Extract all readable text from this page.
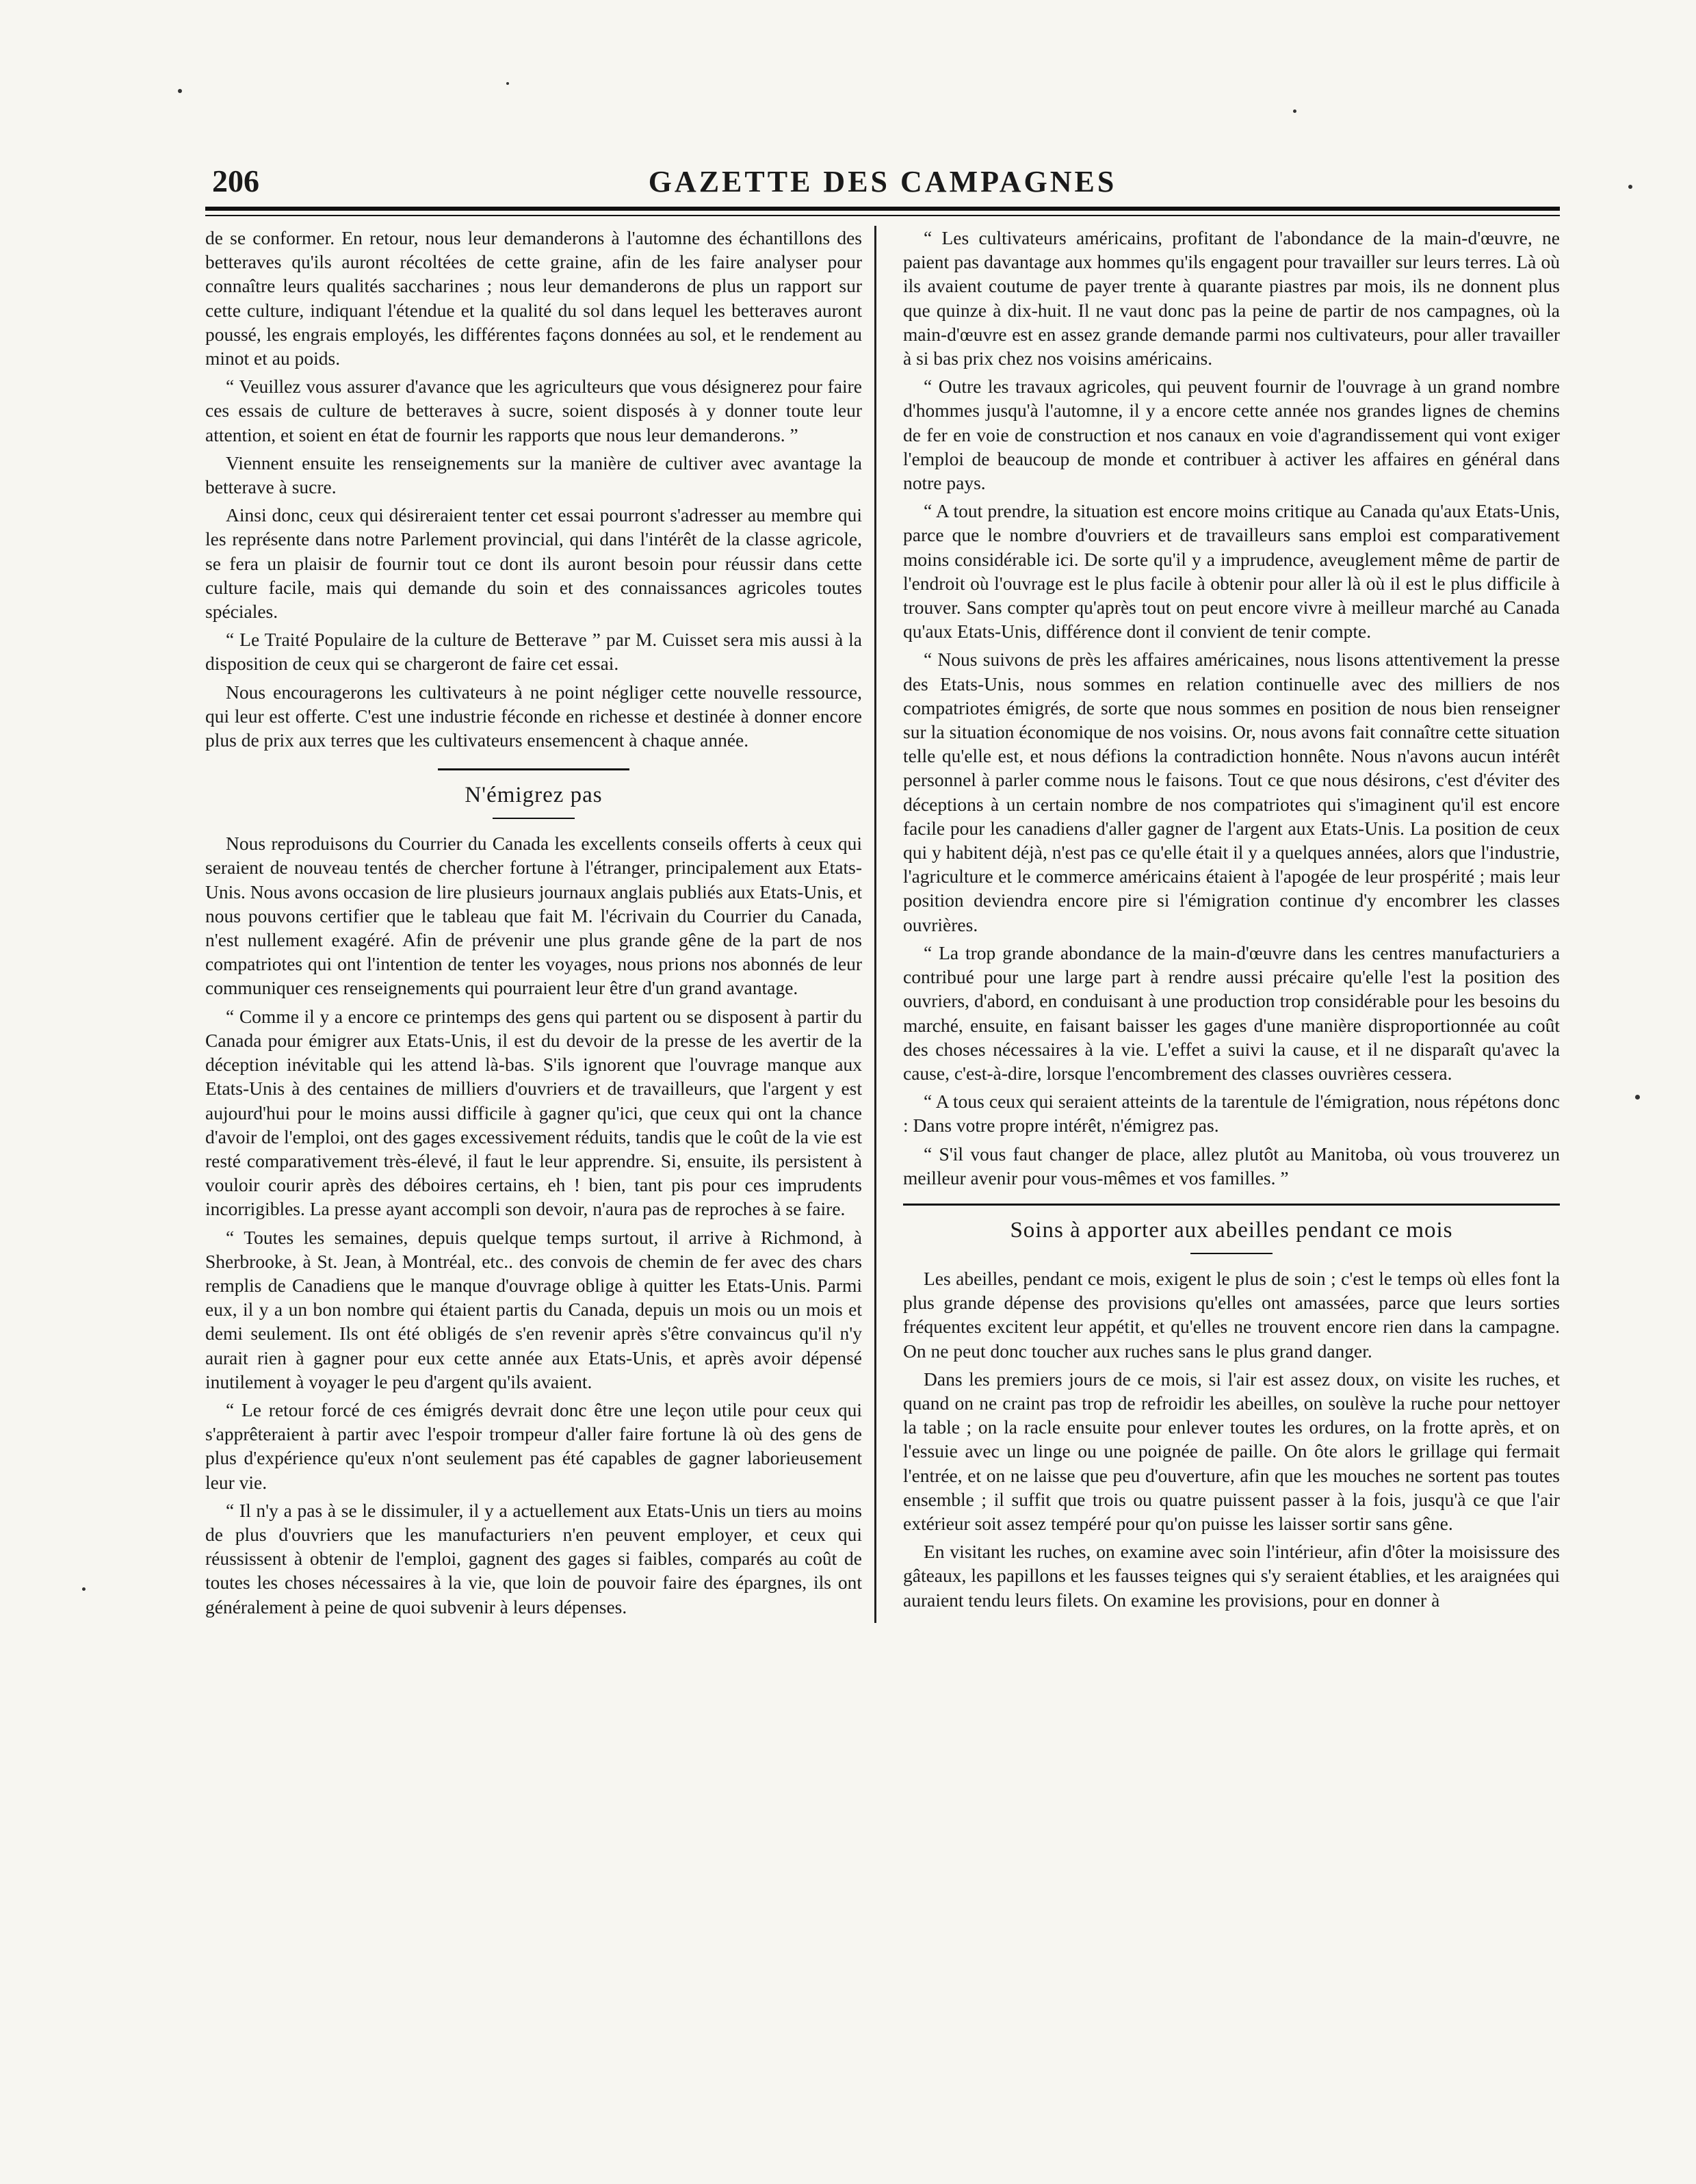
206	GAZETTE DES CAMPAGNES

de se conformer. En retour, nous leur demanderons à l'automne des échantillons des betteraves qu'ils auront récoltées de cette graine, afin de les faire analyser pour connaître leurs qualités saccharines ; nous leur demanderons de plus un rapport sur cette culture, indiquant l'étendue et la qualité du sol dans lequel les betteraves auront poussé, les engrais employés, les différentes façons données au sol, et le rendement au minot et au poids.

“ Veuillez vous assurer d'avance que les agriculteurs que vous désignerez pour faire ces essais de culture de betteraves à sucre, soient disposés à y donner toute leur attention, et soient en état de fournir les rapports que nous leur demanderons. ”

Viennent ensuite les renseignements sur la manière de cultiver avec avantage la betterave à sucre.

Ainsi donc, ceux qui désireraient tenter cet essai pourront s'adresser au membre qui les représente dans notre Parlement provincial, qui dans l'intérêt de la classe agricole, se fera un plaisir de fournir tout ce dont ils auront besoin pour réussir dans cette culture facile, mais qui demande du soin et des connaissances agricoles toutes spéciales.

“ Le Traité Populaire de la culture de Betterave ” par M. Cuisset sera mis aussi à la disposition de ceux qui se chargeront de faire cet essai.

Nous encouragerons les cultivateurs à ne point négliger cette nouvelle ressource, qui leur est offerte. C'est une industrie féconde en richesse et destinée à donner encore plus de prix aux terres que les cultivateurs ensemencent à chaque année.

N'émigrez pas

Nous reproduisons du Courrier du Canada les excellents conseils offerts à ceux qui seraient de nouveau tentés de chercher fortune à l'étranger, principalement aux Etats-Unis. Nous avons occasion de lire plusieurs journaux anglais publiés aux Etats-Unis, et nous pouvons certifier que le tableau que fait M. l'écrivain du Courrier du Canada, n'est nullement exagéré. Afin de prévenir une plus grande gêne de la part de nos compatriotes qui ont l'intention de tenter les voyages, nous prions nos abonnés de leur communiquer ces renseignements qui pourraient leur être d'un grand avantage.

“ Comme il y a encore ce printemps des gens qui partent ou se disposent à partir du Canada pour émigrer aux Etats-Unis, il est du devoir de la presse de les avertir de la déception inévitable qui les attend là-bas. S'ils ignorent que l'ouvrage manque aux Etats-Unis à des centaines de milliers d'ouvriers et de travailleurs, que l'argent y est aujourd'hui pour le moins aussi difficile à gagner qu'ici, que ceux qui ont la chance d'avoir de l'emploi, ont des gages excessivement réduits, tandis que le coût de la vie est resté comparativement très-élevé, il faut le leur apprendre. Si, ensuite, ils persistent à vouloir courir après des déboires certains, eh ! bien, tant pis pour ces imprudents incorrigibles. La presse ayant accompli son devoir, n'aura pas de reproches à se faire.

“ Toutes les semaines, depuis quelque temps surtout, il arrive à Richmond, à Sherbrooke, à St. Jean, à Montréal, etc.. des convois de chemin de fer avec des chars remplis de Canadiens que le manque d'ouvrage oblige à quitter les Etats-Unis. Parmi eux, il y a un bon nombre qui étaient partis du Canada, depuis un mois ou un mois et demi seulement. Ils ont été obligés de s'en revenir après s'être convaincus qu'il n'y aurait rien à gagner pour eux cette année aux Etats-Unis, et après avoir dépensé inutilement à voyager le peu d'argent qu'ils avaient.

“ Le retour forcé de ces émigrés devrait donc être une leçon utile pour ceux qui s'apprêteraient à partir avec l'espoir trompeur d'aller faire fortune là où des gens de plus d'expérience qu'eux n'ont seulement pas été capables de gagner laborieusement leur vie.

“ Il n'y a pas à se le dissimuler, il y a actuellement aux Etats-Unis un tiers au moins de plus d'ouvriers que les manufacturiers n'en peuvent employer, et ceux qui réussissent à obtenir de l'emploi, gagnent des gages si faibles, comparés au coût de toutes les choses nécessaires à la vie, que loin de pouvoir faire des épargnes, ils ont généralement à peine de quoi subvenir à leurs dépenses.

“ Les cultivateurs américains, profitant de l'abondance de la main-d'œuvre, ne paient pas davantage aux hommes qu'ils engagent pour travailler sur leurs terres. Là où ils avaient coutume de payer trente à quarante piastres par mois, ils ne donnent plus que quinze à dix-huit. Il ne vaut donc pas la peine de partir de nos campagnes, où la main-d'œuvre est en assez grande demande parmi nos cultivateurs, pour aller travailler à si bas prix chez nos voisins américains.

“ Outre les travaux agricoles, qui peuvent fournir de l'ouvrage à un grand nombre d'hommes jusqu'à l'automne, il y a encore cette année nos grandes lignes de chemins de fer en voie de construction et nos canaux en voie d'agrandissement qui vont exiger l'emploi de beaucoup de monde et contribuer à activer les affaires en général dans notre pays.

“ A tout prendre, la situation est encore moins critique au Canada qu'aux Etats-Unis, parce que le nombre d'ouvriers et de travailleurs sans emploi est comparativement moins considérable ici. De sorte qu'il y a imprudence, aveuglement même de partir de l'endroit où l'ouvrage est le plus facile à obtenir pour aller là où il est le plus difficile à trouver. Sans compter qu'après tout on peut encore vivre à meilleur marché au Canada qu'aux Etats-Unis, différence dont il convient de tenir compte.

“ Nous suivons de près les affaires américaines, nous lisons attentivement la presse des Etats-Unis, nous sommes en relation continuelle avec des milliers de nos compatriotes émigrés, de sorte que nous sommes en position de nous bien renseigner sur la situation économique de nos voisins. Or, nous avons fait connaître cette situation telle qu'elle est, et nous défions la contradiction honnête. Nous n'avons aucun intérêt personnel à parler comme nous le faisons. Tout ce que nous désirons, c'est d'éviter des déceptions à un certain nombre de nos compatriotes qui s'imaginent qu'il est encore facile pour les canadiens d'aller gagner de l'argent aux Etats-Unis. La position de ceux qui y habitent déjà, n'est pas ce qu'elle était il y a quelques années, alors que l'industrie, l'agriculture et le commerce américains étaient à l'apogée de leur prospérité ; mais leur position deviendra encore pire si l'émigration continue d'y encombrer les classes ouvrières.

“ La trop grande abondance de la main-d'œuvre dans les centres manufacturiers a contribué pour une large part à rendre aussi précaire qu'elle l'est la position des ouvriers, d'abord, en conduisant à une production trop considérable pour les besoins du marché, ensuite, en faisant baisser les gages d'une manière disproportionnée au coût des choses nécessaires à la vie. L'effet a suivi la cause, et il ne disparaît qu'avec la cause, c'est-à-dire, lorsque l'encombrement des classes ouvrières cessera.

“ A tous ceux qui seraient atteints de la tarentule de l'émigration, nous répétons donc : Dans votre propre intérêt, n'émigrez pas.

“ S'il vous faut changer de place, allez plutôt au Manitoba, où vous trouverez un meilleur avenir pour vous-mêmes et vos familles. ”

Soins à apporter aux abeilles pendant ce mois

Les abeilles, pendant ce mois, exigent le plus de soin ; c'est le temps où elles font la plus grande dépense des provisions qu'elles ont amassées, parce que leurs sorties fréquentes excitent leur appétit, et qu'elles ne trouvent encore rien dans la campagne. On ne peut donc toucher aux ruches sans le plus grand danger.

Dans les premiers jours de ce mois, si l'air est assez doux, on visite les ruches, et quand on ne craint pas trop de refroidir les abeilles, on soulève la ruche pour nettoyer la table ; on la racle ensuite pour enlever toutes les ordures, on la frotte après, et on l'essuie avec un linge ou une poignée de paille. On ôte alors le grillage qui fermait l'entrée, et on ne laisse que peu d'ouverture, afin que les mouches ne sortent pas toutes ensemble ; il suffit que trois ou quatre puissent passer à la fois, jusqu'à ce que l'air extérieur soit assez tempéré pour qu'on puisse les laisser sortir sans gêne.

En visitant les ruches, on examine avec soin l'intérieur, afin d'ôter la moisissure des gâteaux, les papillons et les fausses teignes qui s'y seraient établies, et les araignées qui auraient tendu leurs filets. On examine les provisions, pour en donner à
